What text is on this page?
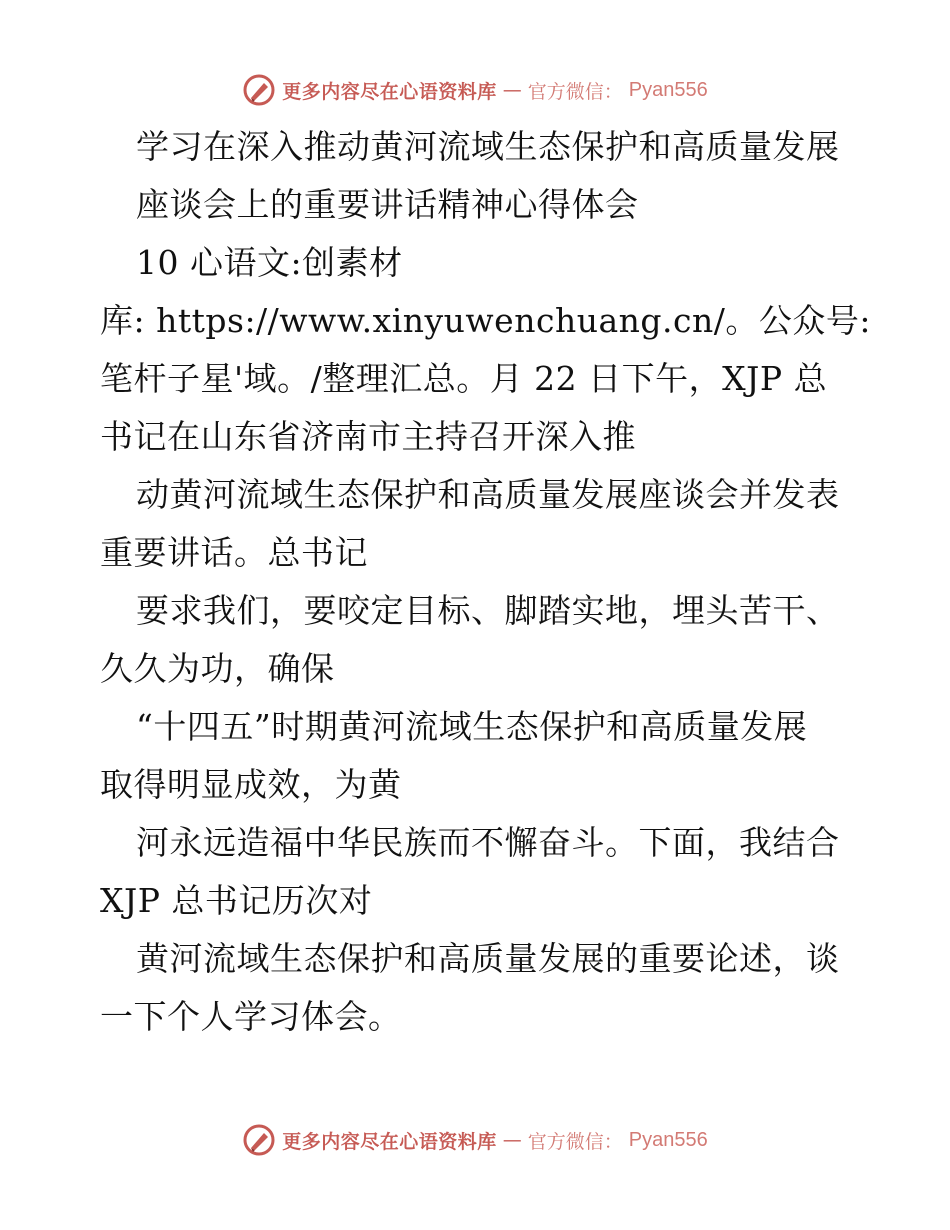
更多内容尽在心语资料库 — 官方微信： Pyan556
学习在深入推动黄河流域生态保护和高质量发展
座谈会上的重要讲话精神心得体会
10 心语文:创素材
库: https://www.xinyuwenchuang.cn/。公众号:
笔杆子星'域。/整理汇总。月 22 日下午，XJP 总
书记在山东省济南市主持召开深入推
动黄河流域生态保护和高质量发展座谈会并发表
重要讲话。总书记
要求我们，要咬定目标、脚踏实地，埋头苦干、
久久为功，确保
“十四五”时期黄河流域生态保护和高质量发展
取得明显成效，为黄
河永远造福中华民族而不懈奋斗。下面，我结合
XJP 总书记历次对
黄河流域生态保护和高质量发展的重要论述，谈
一下个人学习体会。
更多内容尽在心语资料库 — 官方微信： Pyan556
